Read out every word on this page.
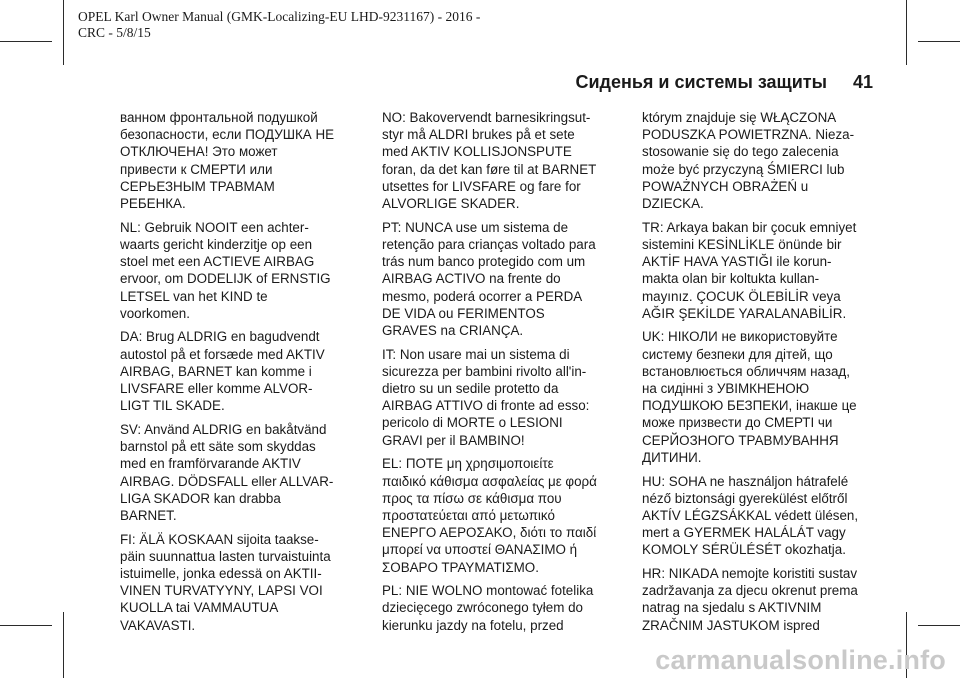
OPEL Karl Owner Manual (GMK-Localizing-EU LHD-9231167) - 2016 -
CRC - 5/8/15
Сиденья и системы защиты 41

ванном фронтальной подушкой
безопасности, если ПОДУШКА НЕ
ОТКЛЮЧЕНА! Это может
привести к СМЕРТИ или
СЕРЬЕЗНЫМ ТРАВМАМ
РЕБЕНКА.

NL: Gebruik NOOIT een achter-
waarts gericht kinderzitje op een
stoel met een ACTIEVE AIRBAG
ervoor, om DODELIJK of ERNSTIG
LETSEL van het KIND te
voorkomen.

DA: Brug ALDRIG en bagudvendt
autostol på et forsæde med AKTIV
AIRBAG, BARNET kan komme i
LIVSFARE eller komme ALVOR-
LIGT TIL SKADE.

SV: Använd ALDRIG en bakåtvänd
barnstol på ett säte som skyddas
med en framförvarande AKTIV
AIRBAG. DÖDSFALL eller ALLVAR-
LIGA SKADOR kan drabba
BARNET.

FI: ÄLÄ KOSKAAN sijoita taakse-
päin suunnattua lasten turvaistuinta
istuimelle, jonka edessä on AKTII-
VINEN TURVATYYNY, LAPSI VOI
KUOLLA tai VAMMAUTUA
VAKAVASTI.

NO: Bakovervendt barnesikringsut-
styr må ALDRI brukes på et sete
med AKTIV KOLLISJONSPUTE
foran, da det kan føre til at BARNET
utsettes for LIVSFARE og fare for
ALVORLIGE SKADER.

PT: NUNCA use um sistema de
retenção para crianças voltado para
trás num banco protegido com um
AIRBAG ACTIVO na frente do
mesmo, poderá ocorrer a PERDA
DE VIDA ou FERIMENTOS
GRAVES na CRIANÇA.

IT: Non usare mai un sistema di
sicurezza per bambini rivolto all'in-
dietro su un sedile protetto da
AIRBAG ATTIVO di fronte ad esso:
pericolo di MORTE o LESIONI
GRAVI per il BAMBINO!

EL: ΠΟΤΕ μη χρησιμοποιείτε
παιδικό κάθισμα ασφαλείας με φορά
προς τα πίσω σε κάθισμα που
προστατεύεται από μετωπικό
ΕΝΕΡΓΟ ΑΕΡΟΣΑΚΟ, διότι το παιδί
μπορεί να υποστεί ΘΑΝΑΣΙΜΟ ή
ΣΟΒΑΡΟ ΤΡΑΥΜΑΤΙΣΜΟ.

PL: NIE WOLNO montować fotelika
dziecięcego zwróconego tyłem do
kierunku jazdy na fotelu, przed

którym znajduje się WŁĄCZONA
PODUSZKA POWIETRZNA. Nieza-
stosowanie się do tego zalecenia
może być przyczyną ŚMIERCI lub
POWAŻNYCH OBRAŻEŃ u
DZIECKA.

TR: Arkaya bakan bir çocuk emniyet
sistemini KESİNLİKLE önünde bir
AKTİF HAVA YASTIĞI ile korun-
makta olan bir koltukta kullan-
mayınız. ÇOCUK ÖLEBİLİR veya
AĞIR ŞEKİLDE YARALANABİLİR.

UK: НІКОЛИ не використовуйте
систему безпеки для дітей, що
встановлюється обличчям назад,
на сидінні з УВІМКНЕНОЮ
ПОДУШКОЮ БЕЗПЕКИ, інакше це
може призвести до СМЕРТІ чи
СЕРЙОЗНОГО ТРАВМУВАННЯ
ДИТИНИ.

HU: SOHA ne használjon hátrafelé
néző biztonsági gyerekülést előtről
AKTÍV LÉGZSÁKKAL védett ülésen,
mert a GYERMEK HALÁLÁT vagy
KOMOLY SÉRÜLÉSÉT okozhatja.

HR: NIKADA nemojte koristiti sustav
zadržavanja za djecu okrenut prema
natrag na sjedalu s AKTIVNIM
ZRAČNIM JASTUKOM ispred

carmanualsonline.info
